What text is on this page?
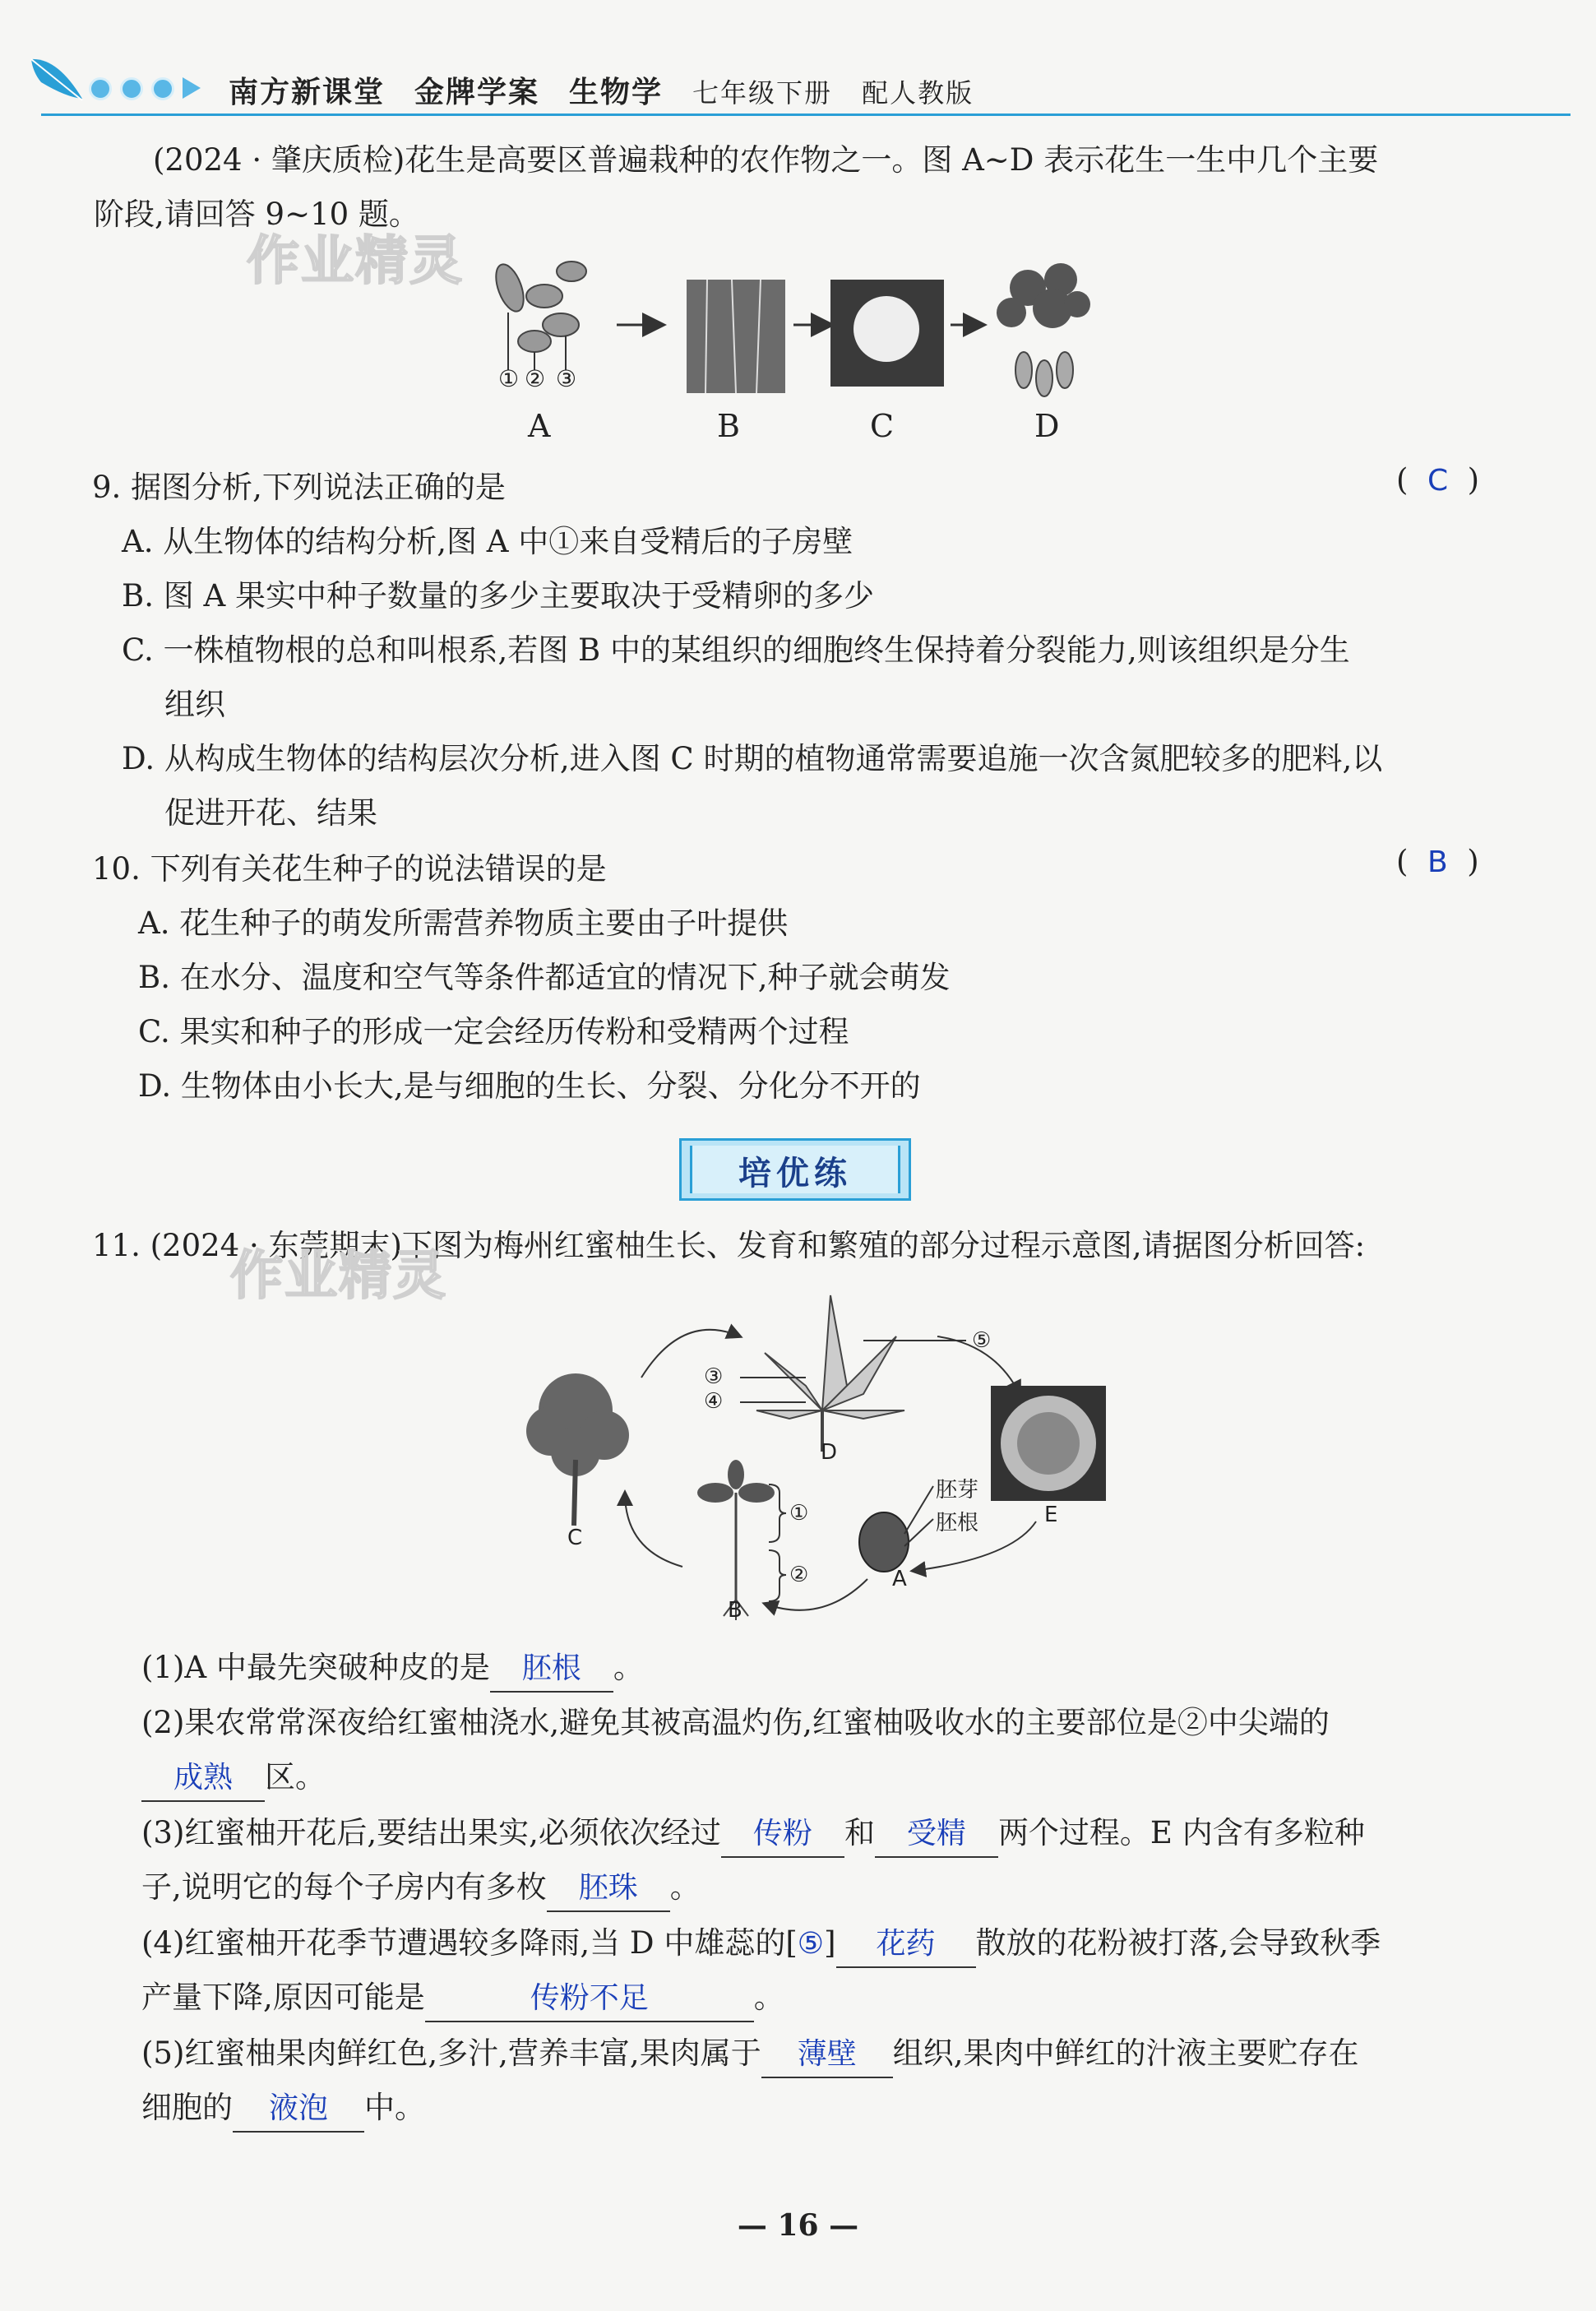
南方新课堂 金牌学案 生物学 七年级下册 配人教版
(2024 · 肇庆质检)花生是高要区普遍栽种的农作物之一。图 A~D 表示花生一生中几个主要
阶段,请回答 9~10 题。
作业精灵
① ② ③
A	B	C	D
9. 据图分析,下列说法正确的是	(  C  )
A. 从生物体的结构分析,图 A 中①来自受精后的子房壁
B. 图 A 果实中种子数量的多少主要取决于受精卵的多少
C. 一株植物根的总和叫根系,若图 B 中的某组织的细胞终生保持着分裂能力,则该组织是分生
组织
D. 从构成生物体的结构层次分析,进入图 C 时期的植物通常需要追施一次含氮肥较多的肥料,以
促进开花、结果
10. 下列有关花生种子的说法错误的是	(  B  )
A. 花生种子的萌发所需营养物质主要由子叶提供
B. 在水分、温度和空气等条件都适宜的情况下,种子就会萌发
C. 果实和种子的形成一定会经历传粉和受精两个过程
D. 生物体由小长大,是与细胞的生长、分裂、分化分不开的
培优练
11. (2024 · 东莞期末)下图为梅州红蜜柚生长、发育和繁殖的部分过程示意图,请据图分析回答:
作业精灵
③
④
⑤
①
②
胚芽
胚根
A
B
C
D
E
(1)A 中最先突破种皮的是 胚根 。
(2)果农常常深夜给红蜜柚浇水,避免其被高温灼伤,红蜜柚吸收水的主要部位是②中尖端的
成熟 区。
(3)红蜜柚开花后,要结出果实,必须依次经过 传粉 和 受精 两个过程。E 内含有多粒种
子,说明它的每个子房内有多枚 胚珠 。
(4)红蜜柚开花季节遭遇较多降雨,当 D 中雄蕊的[⑤] 花药 散放的花粉被打落,会导致秋季
产量下降,原因可能是	传粉不足	。
(5)红蜜柚果肉鲜红色,多汁,营养丰富,果肉属于 薄壁 组织,果肉中鲜红的汁液主要贮存在
细胞的 液泡 中。
— 16 —
